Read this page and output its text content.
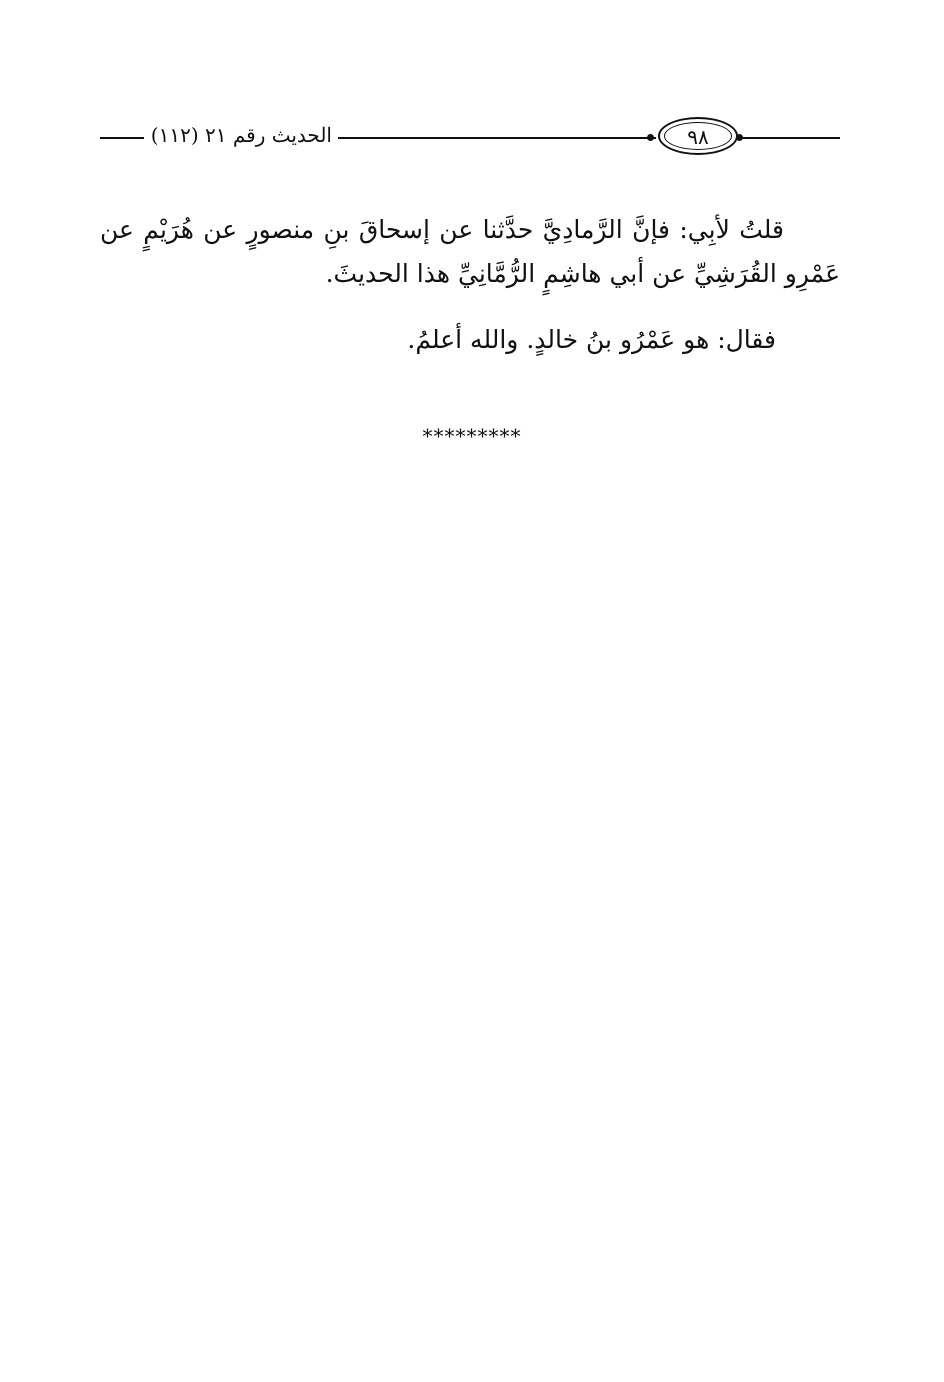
الحديث رقم ٢١ (١١٢)	٩٨

قلتُ لأبِي: فإنَّ الرَّمادِيَّ حدَّثنا عن إسحاقَ بنِ منصورٍ عن هُرَيْمٍ عن عَمْرِو القُرَشِيِّ عن أبي هاشِمٍ الرُّمَّانِيِّ هذا الحديثَ.

فقال: هو عَمْرُو بنُ خالدٍ. والله أعلمُ.

*********
